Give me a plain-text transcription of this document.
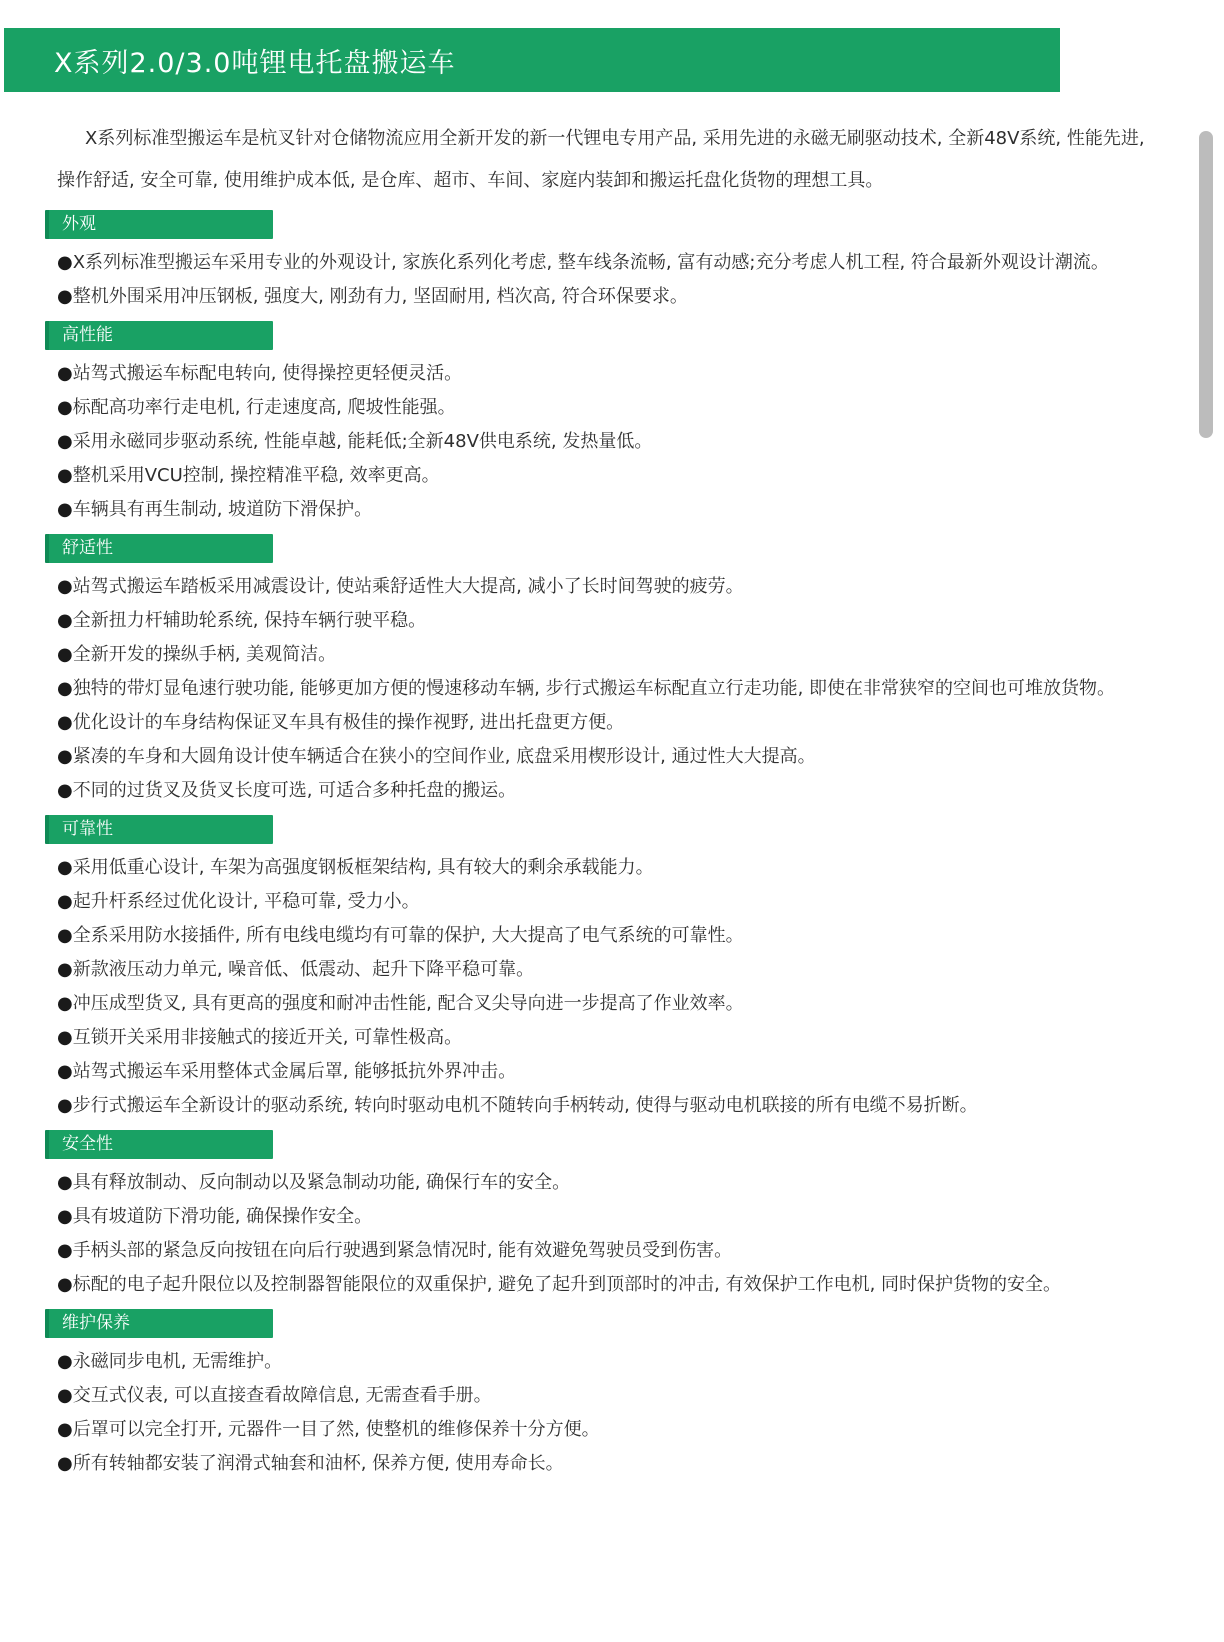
X系列2.0/3.0吨锂电托盘搬运车

X系列标准型搬运车是杭叉针对仓储物流应用全新开发的新一代锂电专用产品, 采用先进的永磁无刷驱动技术, 全新48V系统, 性能先进, 操作舒适, 安全可靠, 使用维护成本低, 是仓库、超市、车间、家庭内装卸和搬运托盘化货物的理想工具。

外观

●X系列标准型搬运车采用专业的外观设计, 家族化系列化考虑, 整车线条流畅, 富有动感;充分考虑人机工程, 符合最新外观设计潮流。

●整机外围采用冲压钢板, 强度大, 刚劲有力, 坚固耐用, 档次高, 符合环保要求。

高性能

●站驾式搬运车标配电转向, 使得操控更轻便灵活。

●标配高功率行走电机, 行走速度高, 爬坡性能强。

●采用永磁同步驱动系统, 性能卓越, 能耗低;全新48V供电系统, 发热量低。

●整机采用VCU控制, 操控精准平稳, 效率更高。

●车辆具有再生制动, 坡道防下滑保护。

舒适性

●站驾式搬运车踏板采用减震设计, 使站乘舒适性大大提高, 减小了长时间驾驶的疲劳。

●全新扭力杆辅助轮系统, 保持车辆行驶平稳。

●全新开发的操纵手柄, 美观简洁。

●独特的带灯显龟速行驶功能, 能够更加方便的慢速移动车辆, 步行式搬运车标配直立行走功能, 即使在非常狭窄的空间也可堆放货物。

●优化设计的车身结构保证叉车具有极佳的操作视野, 进出托盘更方便。

●紧凑的车身和大圆角设计使车辆适合在狭小的空间作业, 底盘采用楔形设计, 通过性大大提高。

●不同的过货叉及货叉长度可选, 可适合多种托盘的搬运。

可靠性

●采用低重心设计, 车架为高强度钢板框架结构, 具有较大的剩余承载能力。

●起升杆系经过优化设计, 平稳可靠, 受力小。

●全系采用防水接插件, 所有电线电缆均有可靠的保护, 大大提高了电气系统的可靠性。

●新款液压动力单元, 噪音低、低震动、起升下降平稳可靠。

●冲压成型货叉, 具有更高的强度和耐冲击性能, 配合叉尖导向进一步提高了作业效率。

●互锁开关采用非接触式的接近开关, 可靠性极高。

●站驾式搬运车采用整体式金属后罩, 能够抵抗外界冲击。

●步行式搬运车全新设计的驱动系统, 转向时驱动电机不随转向手柄转动, 使得与驱动电机联接的所有电缆不易折断。

安全性

●具有释放制动、反向制动以及紧急制动功能, 确保行车的安全。

●具有坡道防下滑功能, 确保操作安全。

●手柄头部的紧急反向按钮在向后行驶遇到紧急情况时, 能有效避免驾驶员受到伤害。

●标配的电子起升限位以及控制器智能限位的双重保护, 避免了起升到顶部时的冲击, 有效保护工作电机, 同时保护货物的安全。

维护保养

●永磁同步电机, 无需维护。

●交互式仪表, 可以直接查看故障信息, 无需查看手册。

●后罩可以完全打开, 元器件一目了然, 使整机的维修保养十分方便。

●所有转轴都安装了润滑式轴套和油杯, 保养方便, 使用寿命长。
